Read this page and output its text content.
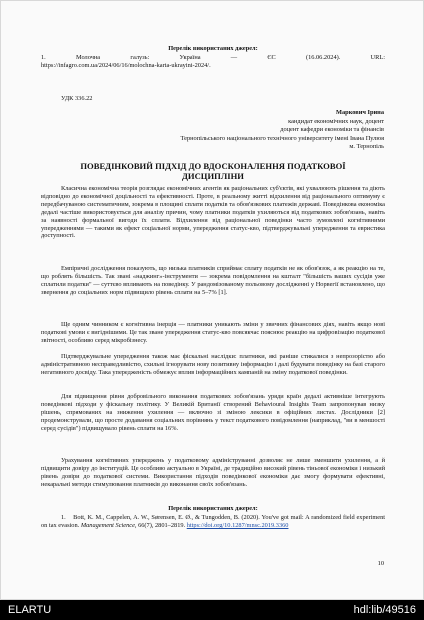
Перелік використаних джерел:
1. Молочна галузь: Україна — ЄС (16.06.2024). URL:
https://infagro.com.ua/2024/06/16/molochna-karta-ukrayini-2024/.
УДК 336.22
Маркович Ірина
кандидат економічних наук, доцент
доцент кафедри економіки та фінансів
Тернопільського національного технічного університету імені Івана Пулюя
м. Тернопіль
ПОВЕДІНКОВИЙ ПІДХІД ДО ВДОСКОНАЛЕННЯ ПОДАТКОВОЇ
ДИСЦИПЛІНИ
Класична економічна теорія розглядає економічних агентів як раціональних суб'єктів, які ухвалюють рішення та діють відповідно до економічної доцільності та ефективності. Проте, в реальному житті відхилення від раціонального оптимуму є передбачуваною систематичним, зокрема в площині сплати податків та обов'язкових платежів державі. Поведінкова економіка дедалі частіше використовується для аналізу причин, чому платники податків ухиляються від податкових зобов'язань, навіть за наявності формальної вигоди їх сплати. Відхилення від раціональної поведінки часто зумовлені когнітивними упередженнями — такими як ефект соціальної норми, упередження статус-кво, підтверджувальні упередження та евристика доступності.
Емпіричні дослідження показують, що низька платників сприймає сплату податків не як обов'язок, а як реакцію на те, що роблять більшість. Так звані «наджинг»-інструменти — зокрема повідомлення на кшталт "більшість ваших сусідів уже сплатили податки" — суттєво впливають на поведінку. У рандомізованому польовому дослідженні у Норвегії встановлено, що звернення до соціальних норм підвищило рівень сплати на 5–7% [1].
Ще одним чинником є когнітивна інерція — платники уникають зміни у звичних фінансових діях, навіть якщо нові податкові умови є вигіднішими. Це так зване упередження статус-кво повсякчас пояснює реакцію на цифровізацію податкової звітності, особливо серед мікробізнесу.
Підтверджувальне упередження також має фіскальні наслідки: платники, які раніше стикалися з непрозорістю або адміністративною несправедливістю, схильні ігнорувати нову позитивну інформацію і далі будувати поведінку на базі старого негативного досвіду. Така упередженість обмежує вплив інформаційних кампаній на зміну податкової поведінки.
Для підвищення рівня добровільного виконання податкових зобов'язань уряди країн дедалі активніше інтегрують поведінкові підходи у фіскальну політику. У Великій Британії створений Behavioural Insights Team запропонував низку рішень, спрямованих на зниження ухилення — включно зі зміною лексики в офіційних листах. Дослідники [2] продемонстрували, що просте додавання соціальних порівнянь у текст податкового повідомлення (наприклад, "ви в меншості серед сусідів") підвищувало рівень сплати на 16%.
Урахування когнітивних упереджень у податковому адмініструванні дозволяє не лише зменшити ухилення, а й підвищити довіру до інституцій. Це особливо актуально в Україні, де традиційно високий рівень тіньової економіки і низький рівень довіри до податкової системи. Використання підходів поведінкової економіки дає змогу формувати ефективні, некаральні методи стимулювання платників до виконання своїх зобов'язань.
Перелік використаних джерел:
1. Bott, K. M., Cappelen, A. W., Sørensen, E. Ø., & Tungodden, B. (2020). You've got mail: A randomized field experiment on tax evasion. Management Science, 66(7), 2801–2819. https://doi.org/10.1287/mnsc.2019.3360
10
ELARTU	hdl:lib/49516
